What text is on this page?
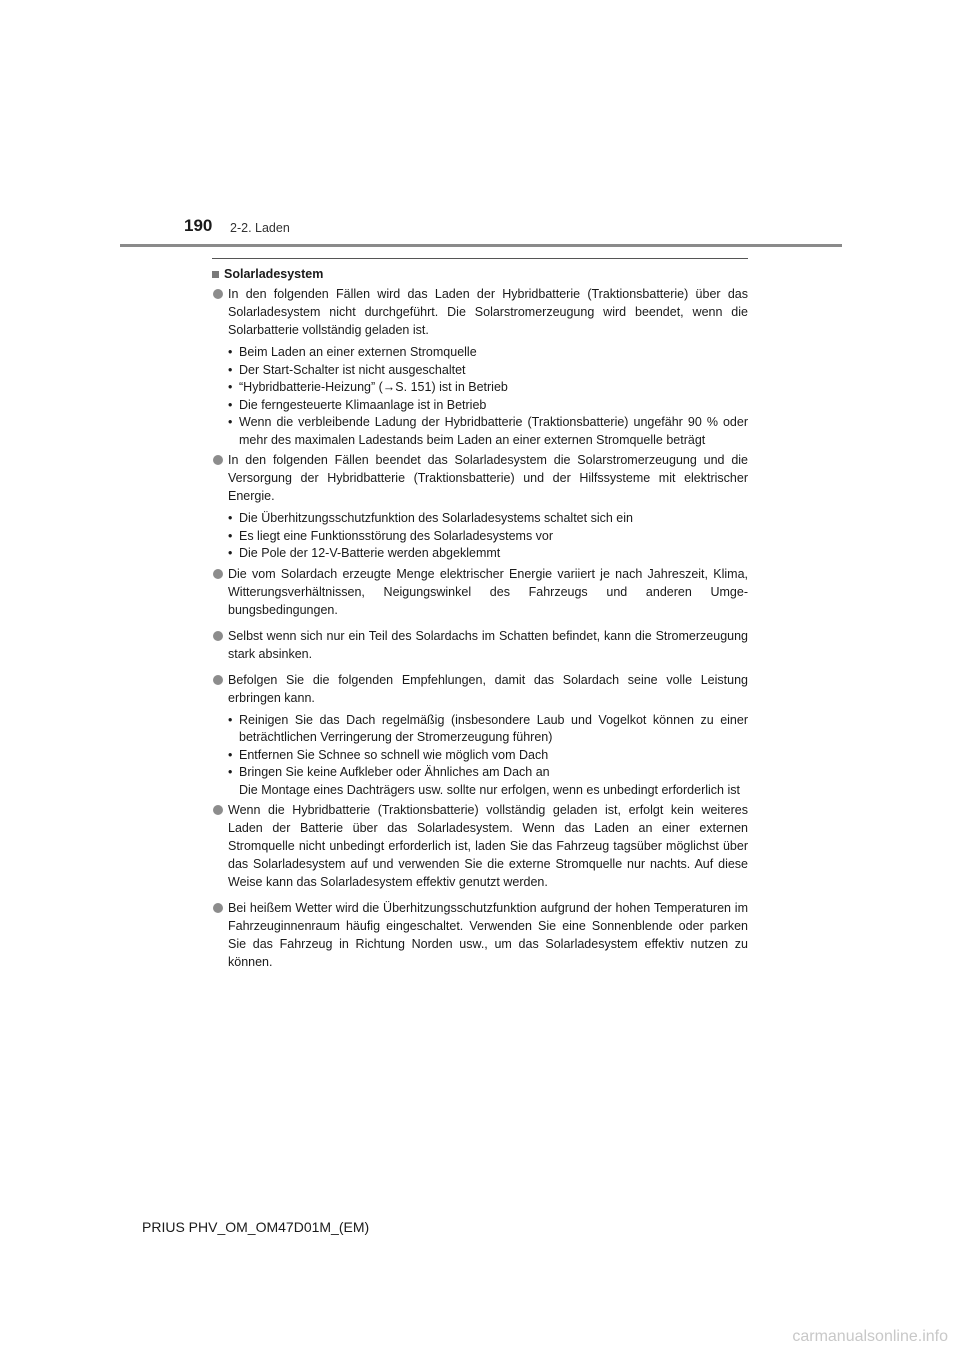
190 2-2. Laden
Solarladesystem
In den folgenden Fällen wird das Laden der Hybridbatterie (Traktionsbatterie) über das Solarladesystem nicht durchgeführt. Die Solarstromerzeugung wird beendet, wenn die Solarbatterie vollständig geladen ist.
• Beim Laden an einer externen Stromquelle
• Der Start-Schalter ist nicht ausgeschaltet
• “Hybridbatterie-Heizung” (→S. 151) ist in Betrieb
• Die ferngesteuerte Klimaanlage ist in Betrieb
• Wenn die verbleibende Ladung der Hybridbatterie (Traktionsbatterie) ungefähr 90 % oder mehr des maximalen Ladestands beim Laden an einer externen Stromquelle beträgt
In den folgenden Fällen beendet das Solarladesystem die Solarstromerzeugung und die Versorgung der Hybridbatterie (Traktionsbatterie) und der Hilfssysteme mit elektrischer Energie.
• Die Überhitzungsschutzfunktion des Solarladesystems schaltet sich ein
• Es liegt eine Funktionsstörung des Solarladesystems vor
• Die Pole der 12-V-Batterie werden abgeklemmt
Die vom Solardach erzeugte Menge elektrischer Energie variiert je nach Jahreszeit, Klima, Witterungsverhältnissen, Neigungswinkel des Fahrzeugs und anderen Umgebungsbedingungen.
Selbst wenn sich nur ein Teil des Solardachs im Schatten befindet, kann die Stromerzeugung stark absinken.
Befolgen Sie die folgenden Empfehlungen, damit das Solardach seine volle Leistung erbringen kann.
• Reinigen Sie das Dach regelmäßig (insbesondere Laub und Vogelkot können zu einer beträchtlichen Verringerung der Stromerzeugung führen)
• Entfernen Sie Schnee so schnell wie möglich vom Dach
• Bringen Sie keine Aufkleber oder Ähnliches am Dach an
Die Montage eines Dachträgers usw. sollte nur erfolgen, wenn es unbedingt erforderlich ist
Wenn die Hybridbatterie (Traktionsbatterie) vollständig geladen ist, erfolgt kein weiteres Laden der Batterie über das Solarladesystem. Wenn das Laden an einer externen Stromquelle nicht unbedingt erforderlich ist, laden Sie das Fahrzeug tagsüber möglichst über das Solarladesystem auf und verwenden Sie die externe Stromquelle nur nachts. Auf diese Weise kann das Solarladesystem effektiv genutzt werden.
Bei heißem Wetter wird die Überhitzungsschutzfunktion aufgrund der hohen Temperaturen im Fahrzeuginnenraum häufig eingeschaltet. Verwenden Sie eine Sonnenblende oder parken Sie das Fahrzeug in Richtung Norden usw., um das Solarladesystem effektiv nutzen zu können.
PRIUS PHV_OM_OM47D01M_(EM)
carmanualsonline.info
